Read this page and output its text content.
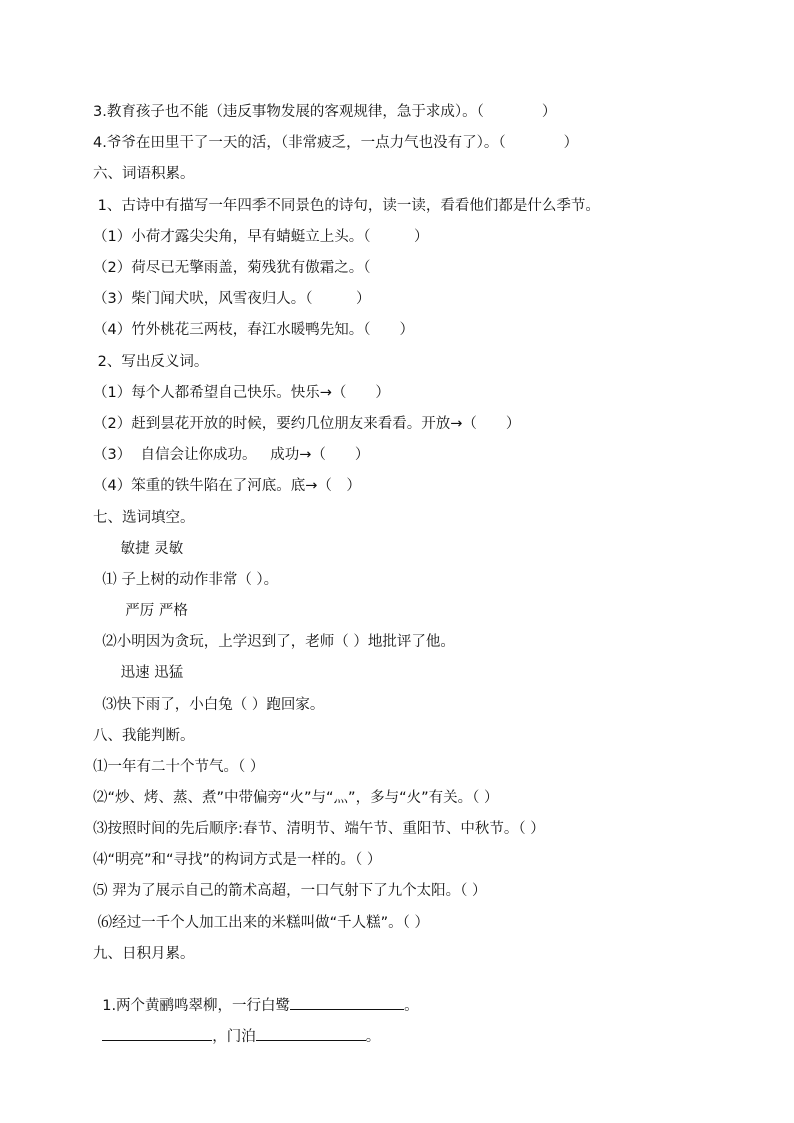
3.教育孩子也不能（违反事物发展的客观规律，急于求成）。（　　　　）
4.爷爷在田里干了一天的活，（非常疲乏，一点力气也没有了）。（　　　　）
六、词语积累。
1、古诗中有描写一年四季不同景色的诗句，读一读，看看他们都是什么季节。
（1）小荷才露尖尖角，早有蜻蜓立上头。（　　　）
（2）荷尽已无擎雨盖，菊残犹有傲霜之。（
（3）柴门闻犬吠，风雪夜归人。（　　　）
（4）竹外桃花三两枝，春江水暖鸭先知。（　　）
2、写出反义词。
（1）每个人都希望自己快乐。快乐→（　　）
（2）赶到昙花开放的时候，要约几位朋友来看看。开放→（　　）
（3）  自信会让你成功。   成功→（　　）
（4）笨重的铁牛陷在了河底。底→（　）
七、选词填空。
敏捷 灵敏
⑴ 子上树的动作非常（ ）。
严厉 严格
⑵小明因为贪玩，上学迟到了，老师（ ）地批评了他。
迅速 迅猛
⑶快下雨了，小白兔（ ）跑回家。
八、我能判断。
⑴一年有二十个节气。（ ）
⑵“炒、烤、蒸、煮”中带偏旁“火”与“灬”，多与“火”有关。（ ）
⑶按照时间的先后顺序:春节、清明节、端午节、重阳节、中秋节。（ ）
⑷“明亮”和“寻找”的构词方式是一样的。（ ）
⑸ 羿为了展示自己的箭术高超，一口气射下了九个太阳。（ ）
⑹经过一千个人加工出来的米糕叫做“千人糕”。（ ）
九、日积月累。

1.两个黄鹂鸣翠柳，一行白鹭	。

，门泊	。
